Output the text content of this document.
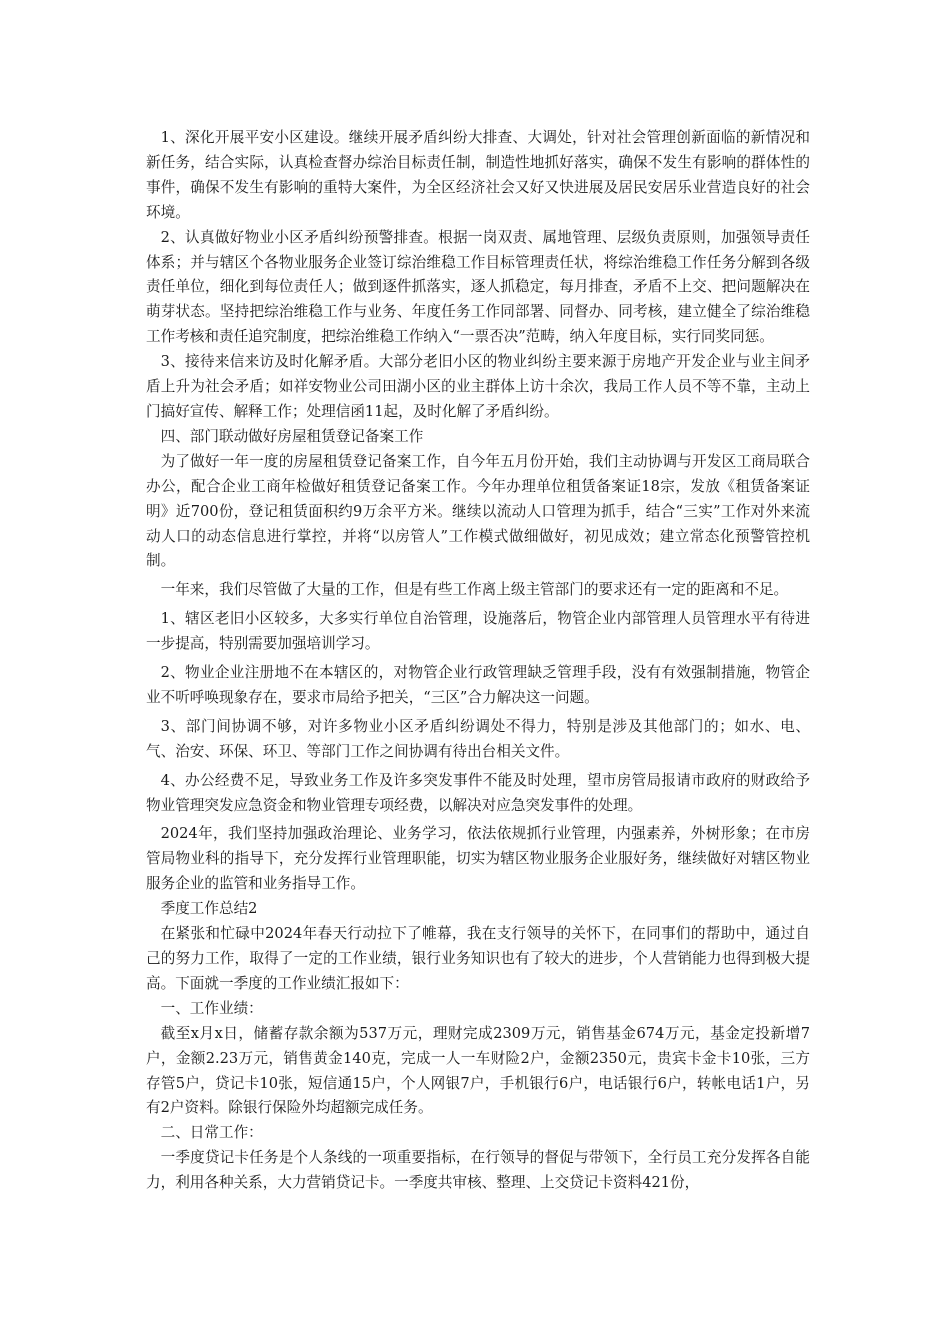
1、深化开展平安小区建设。继续开展矛盾纠纷大排查、大调处，针对社会管理创新面临的新情况和新任务，结合实际，认真检查督办综治目标责任制，制造性地抓好落实，确保不发生有影响的群体性的事件，确保不发生有影响的重特大案件，为全区经济社会又好又快进展及居民安居乐业营造良好的社会环境。

2、认真做好物业小区矛盾纠纷预警排查。根据一岗双责、属地管理、层级负责原则，加强领导责任体系；并与辖区个各物业服务企业签订综治维稳工作目标管理责任状，将综治维稳工作任务分解到各级责任单位，细化到每位责任人；做到逐件抓落实，逐人抓稳定，每月排查，矛盾不上交、把问题解决在萌芽状态。坚持把综治维稳工作与业务、年度任务工作同部署、同督办、同考核，建立健全了综治维稳工作考核和责任追究制度，把综治维稳工作纳入“一票否决”范畴，纳入年度目标，实行同奖同惩。

3、接待来信来访及时化解矛盾。大部分老旧小区的物业纠纷主要来源于房地产开发企业与业主间矛盾上升为社会矛盾；如祥安物业公司田湖小区的业主群体上访十余次，我局工作人员不等不靠，主动上门搞好宣传、解释工作；处理信函11起，及时化解了矛盾纠纷。

四、部门联动做好房屋租赁登记备案工作

为了做好一年一度的房屋租赁登记备案工作，自今年五月份开始，我们主动协调与开发区工商局联合办公，配合企业工商年检做好租赁登记备案工作。今年办理单位租赁备案证18宗，发放《租赁备案证明》近700份，登记租赁面积约9万余平方米。继续以流动人口管理为抓手，结合“三实”工作对外来流动人口的动态信息进行掌控，并将“以房管人”工作模式做细做好，初见成效；建立常态化预警管控机制。

一年来，我们尽管做了大量的工作，但是有些工作离上级主管部门的要求还有一定的距离和不足。

1、辖区老旧小区较多，大多实行单位自治管理，设施落后，物管企业内部管理人员管理水平有待进一步提高，特别需要加强培训学习。

2、物业企业注册地不在本辖区的，对物管企业行政管理缺乏管理手段，没有有效强制措施，物管企业不听呼唤现象存在，要求市局给予把关，“三区”合力解决这一问题。

3、部门间协调不够，对许多物业小区矛盾纠纷调处不得力，特别是涉及其他部门的；如水、电、气、治安、环保、环卫、等部门工作之间协调有待出台相关文件。

4、办公经费不足，导致业务工作及许多突发事件不能及时处理，望市房管局报请市政府的财政给予物业管理突发应急资金和物业管理专项经费，以解决对应急突发事件的处理。

2024年，我们坚持加强政治理论、业务学习，依法依规抓行业管理，内强素养，外树形象；在市房管局物业科的指导下，充分发挥行业管理职能，切实为辖区物业服务企业服好务，继续做好对辖区物业服务企业的监管和业务指导工作。

季度工作总结2

在紧张和忙碌中2024年春天行动拉下了帷幕，我在支行领导的关怀下，在同事们的帮助中，通过自己的努力工作，取得了一定的工作业绩，银行业务知识也有了较大的进步，个人营销能力也得到极大提高。下面就一季度的工作业绩汇报如下：

一、工作业绩：

截至x月x日，储蓄存款余额为537万元，理财完成2309万元，销售基金674万元，基金定投新增7户，金额2.23万元，销售黄金140克，完成一人一车财险2户，金额2350元，贵宾卡金卡10张，三方存管5户，贷记卡10张，短信通15户，个人网银7户，手机银行6户，电话银行6户，转帐电话1户，另有2户资料。除银行保险外均超额完成任务。

二、日常工作：

一季度贷记卡任务是个人条线的一项重要指标，在行领导的督促与带领下，全行员工充分发挥各自能力，利用各种关系，大力营销贷记卡。一季度共审核、整理、上交贷记卡资料421份，
